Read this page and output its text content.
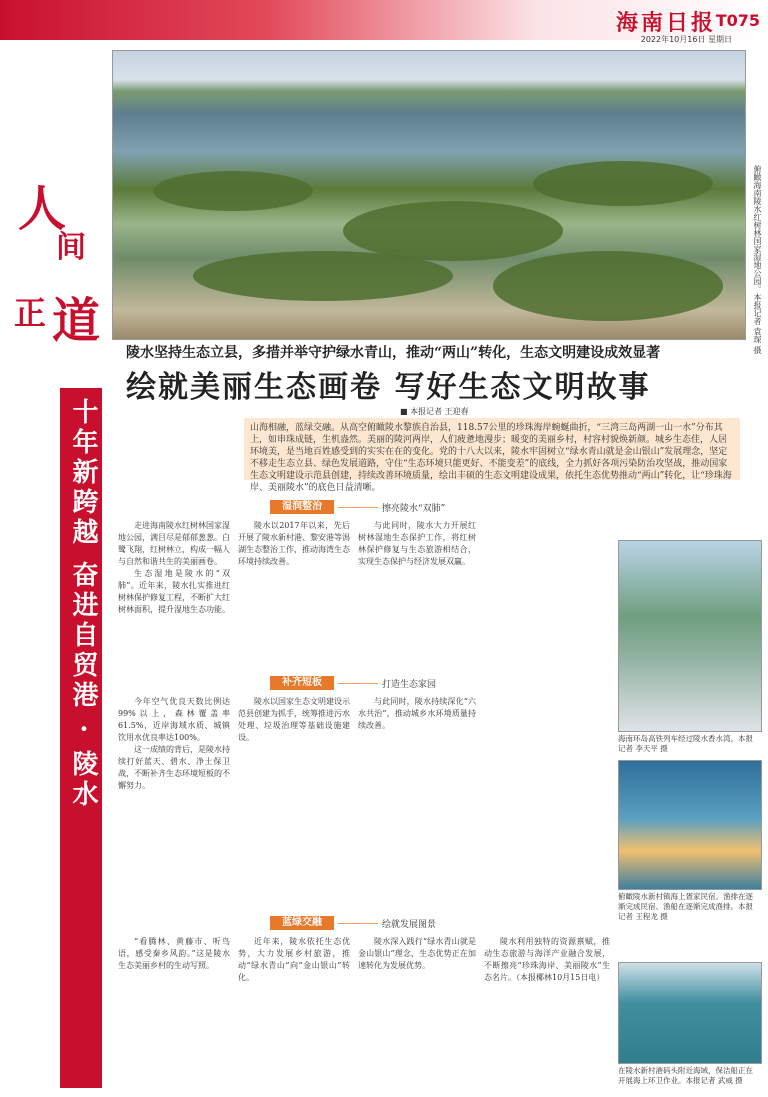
海南日报 T075
2022年10月16日 星期日
俯瞰海南陵水红树林国家湿地公园。本报记者 袁琛 摄
人
间
正 道
十年新跨越 奋进自贸港 · 陵水
陵水坚持生态立县，多措并举守护绿水青山，推动“两山”转化，生态文明建设成效显著
绘就美丽生态画卷 写好生态文明故事
■ 本报记者 王迎春
山海相融，蓝绿交融。从高空俯瞰陵水黎族自治县，118.57公里的珍珠海岸蜿蜒曲折，“三湾三岛两湖一山一水”分布其上，如串珠成链，生机盎然。美丽的陵河两岸，人们疲惫地漫步；暖变的美丽乡村，村容村貌焕新颜。城乡生态佳，人居环境美，是当地百姓感受到的实实在在的变化。党的十八大以来，陵水牢固树立“绿水青山就是金山银山”发展理念，坚定不移走生态立县、绿色发展道路，守住“生态环境只能更好、不能变差”的底线，全力抓好各项污染防治攻坚战，推动国家生态文明建设示范县创建，持续改善环境质量，绘出丰硕的生态文明建设成果，依托生态优势推动“两山”转化，让“珍珠海岸、美丽陵水”的底色日益清晰。
湿润整治	擦亮陵水“双肺”

走进海南陵水红树林国家湿地公园，满目尽是郁郁葱葱。白鹭飞翔，红树林立，构成一幅人与自然和谐共生的美丽画卷。

生态湿地是陵水的“双肺”。近年来，陵水扎实推进红树林保护修复工程，不断扩大红树林面积，提升湿地生态功能。

陵水以2017年以来，先后开展了陵水新村港、黎安港等潟湖生态整治工作，推动海湾生态环境持续改善。

与此同时，陵水大力开展红树林湿地生态保护工作，将红树林保护修复与生态旅游相结合，实现生态保护与经济发展双赢。

补齐短板	打造生态家园

今年空气优良天数比例达99%以上，森林覆盖率61.5%，近岸海域水质、城镇饮用水优良率达100%。

这一成绩的背后，是陵水持续打好蓝天、碧水、净土保卫战，不断补齐生态环境短板的不懈努力。

陵水以国家生态文明建设示范县创建为抓手，统筹推进污水处理、垃圾治理等基础设施建设。

与此同时，陵水持续深化“六水共治”，推动城乡水环境质量持续改善。

蓝绿交融	绘就发展图景

“看腾林、黄藤市、听鸟语，感受秦乡风韵。”这是陵水生态美丽乡村的生动写照。

近年来，陵水依托生态优势，大力发展乡村旅游，推动“绿水青山”向“金山银山”转化。

陵水深入践行“绿水青山就是金山银山”理念，生态优势正在加速转化为发展优势。

陵水利用独特的资源禀赋，推动生态旅游与海洋产业融合发展，不断擦亮“珍珠海岸、美丽陵水”生态名片。（本报椰林10月15日电）

海南环岛高铁列车经过陵水香水湾。本报记者 李天平 摄
俯瞰陵水新村镇海上疍家民宿。渔排在逐渐完成民宿、渔船在逐渐完成渔排。本报记者 王程龙 摄
在陵水新村港码头附近海域，保洁船正在开展海上环卫作业。本报记者 武威 摄
